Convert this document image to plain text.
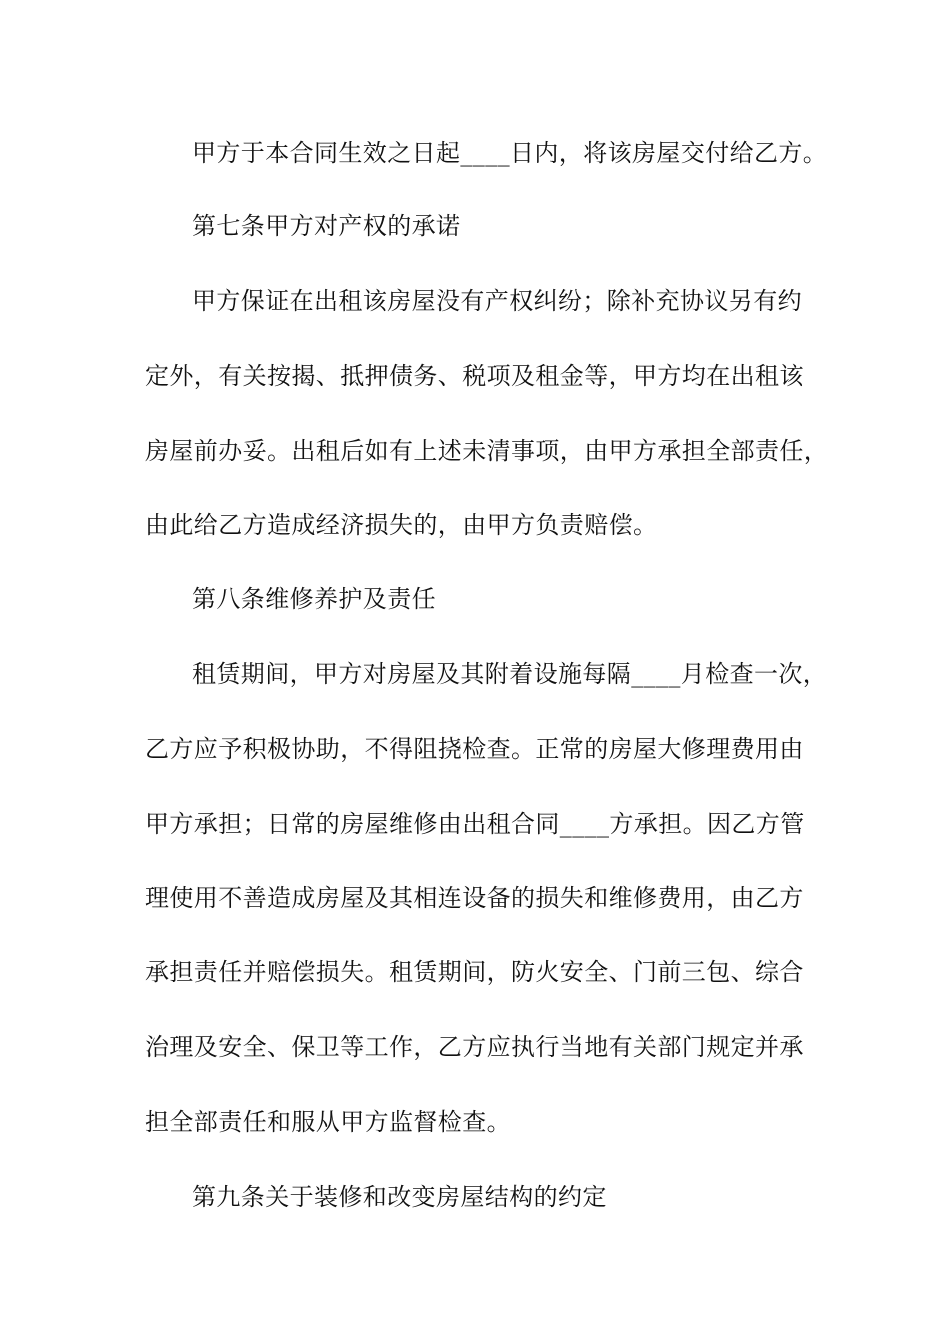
甲方于本合同生效之日起____日内，将该房屋交付给乙方。
第七条甲方对产权的承诺
甲方保证在出租该房屋没有产权纠纷；除补充协议另有约
定外，有关按揭、抵押债务、税项及租金等，甲方均在出租该
房屋前办妥。出租后如有上述未清事项，由甲方承担全部责任，
由此给乙方造成经济损失的，由甲方负责赔偿。
第八条维修养护及责任
租赁期间，甲方对房屋及其附着设施每隔____月检查一次，
乙方应予积极协助，不得阻挠检查。正常的房屋大修理费用由
甲方承担；日常的房屋维修由出租合同____方承担。因乙方管
理使用不善造成房屋及其相连设备的损失和维修费用，由乙方
承担责任并赔偿损失。租赁期间，防火安全、门前三包、综合
治理及安全、保卫等工作，乙方应执行当地有关部门规定并承
担全部责任和服从甲方监督检查。
第九条关于装修和改变房屋结构的约定
